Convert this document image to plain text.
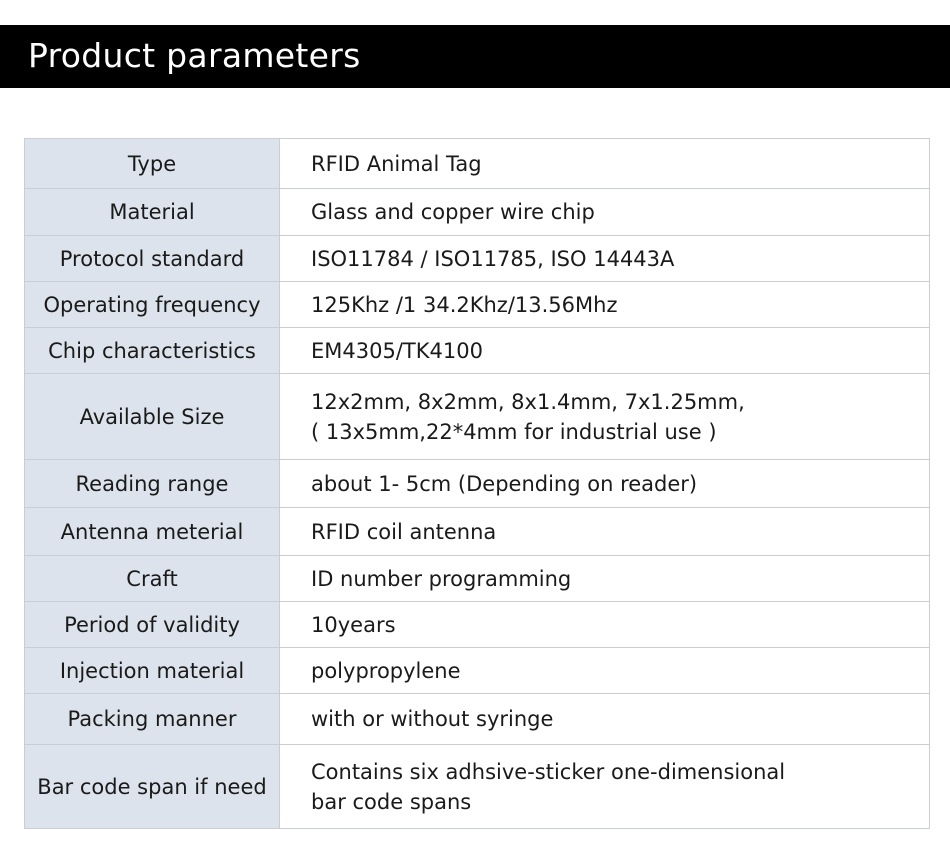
Product parameters
Type	RFID Animal Tag

Material	Glass and copper wire chip

Protocol standard	ISO11784 / ISO11785, ISO 14443A

Operating frequency	125Khz /1 34.2Khz/13.56Mhz

Chip characteristics	EM4305/TK4100

Available Size	12x2mm, 8x2mm, 8x1.4mm, 7x1.25mm,
( 13x5mm,22*4mm for industrial use )

Reading range	about 1- 5cm (Depending on reader)

Antenna meterial	RFID coil antenna

Craft	ID number programming

Period of validity	10years

Injection material	polypropylene

Packing manner	with or without syringe

Bar code span if need	Contains six adhsive-sticker one-dimensional
bar code spans
